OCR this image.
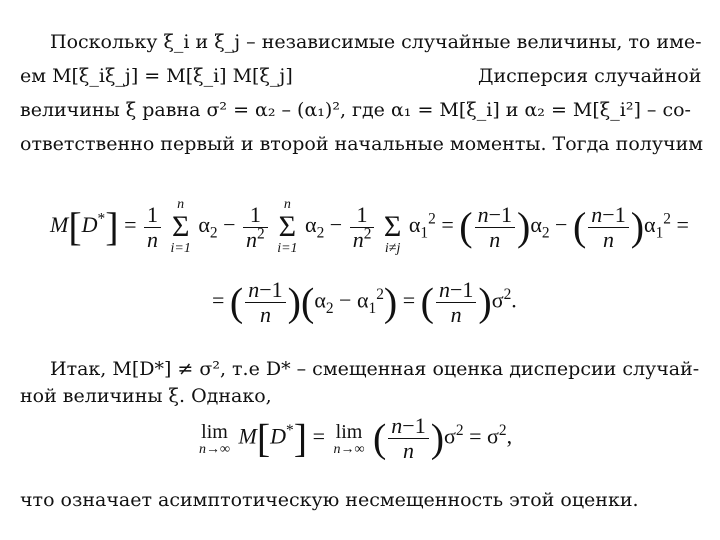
Поскольку ξ_i и ξ_j – независимые случайные величины, то име-
ем M[ξ_iξ_j] = M[ξ_i] M[ξ_j]	Дисперсия случайной
величины ξ равна σ² = α₂ – (α₁)², где α₁ = M[ξ_i] и α₂ = M[ξ_i²] – со-
ответственно первый и второй начальные моменты. Тогда получим
$M[D^*] = \frac{1}{n}$
	n
Σ
i=1
$\alpha_2 - \frac{1}{n^2}$
	n
Σ
i=1
$\alpha_2 - \frac{1}{n^2}$

Σ
i≠j
$\alpha_1^2$ = ( $\frac{n-1}{n} )\alpha_2$ − ( $\frac{n-1}{n} )\alpha_1^2$ =
= ( $\frac{n-1}{n} )(\alpha_2 - \alpha_1^2)$ = ( $\frac{n-1}{n} )\sigma^2$.
Итак, M[D*] ≠ σ², т.е D* – смещенная оценка дисперсии случай-
ной величины ξ. Однако,
lim
n→∞
M[D*] = lim
n→∞ ( $\frac{n-1}{n} )\sigma^2 = \sigma^2$,
что означает асимптотическую несмещенность этой оценки.
